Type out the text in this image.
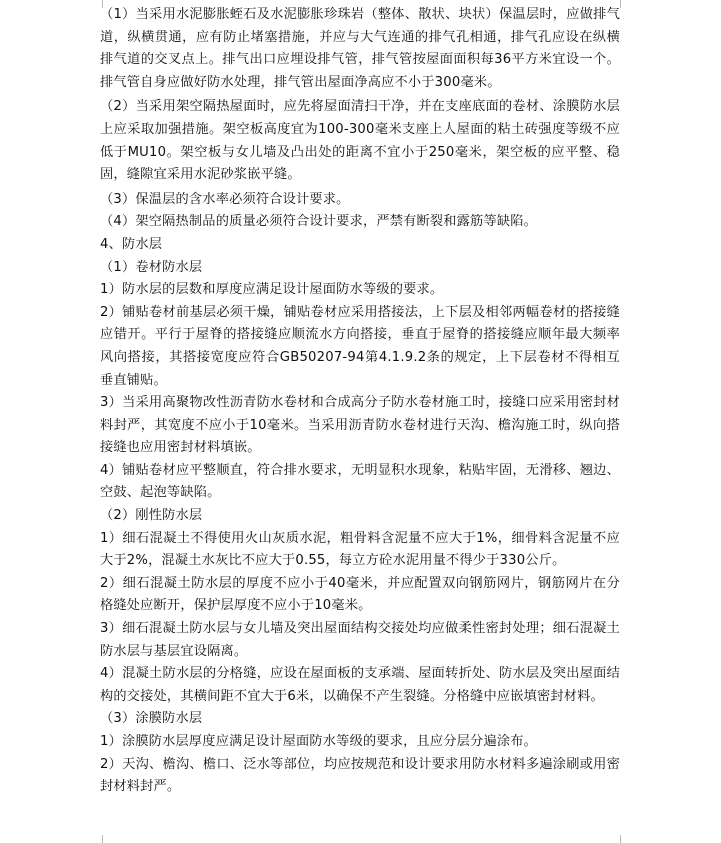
（1）当采用水泥膨胀蛭石及水泥膨胀珍珠岩（整体、散状、块状）保温层时，应做排气道，纵横贯通，应有防止堵塞措施，并应与大气连通的排气孔相通，排气孔应设在纵横排气道的交叉点上。排气出口应埋设排气管，排气管按屋面面积每36平方米宜设一个。排气管自身应做好防水处理，排气管出屋面净高应不小于300毫米。

（2）当采用架空隔热屋面时，应先将屋面清扫干净，并在支座底面的卷材、涂膜防水层上应采取加强措施。架空板高度宜为100-300毫米支座上人屋面的粘土砖强度等级不应低于MU10。架空板与女儿墙及凸出处的距离不宜小于250毫米，架空板的应平整、稳固，缝隙宜采用水泥砂浆嵌平缝。

（3）保温层的含水率必须符合设计要求。

（4）架空隔热制品的质量必须符合设计要求，严禁有断裂和露筋等缺陷。

4、防水层

（1）卷材防水层

1）防水层的层数和厚度应满足设计屋面防水等级的要求。

2）铺贴卷材前基层必须干燥，铺贴卷材应采用搭接法，上下层及相邻两幅卷材的搭接缝应错开。平行于屋脊的搭接缝应顺流水方向搭接，垂直于屋脊的搭接缝应顺年最大频率风向搭接，其搭接宽度应符合GB50207-94第4.1.9.2条的规定，上下层卷材不得相互垂直铺贴。

3）当采用高聚物改性沥青防水卷材和合成高分子防水卷材施工时，接缝口应采用密封材料封严，其宽度不应小于10毫米。当采用沥青防水卷材进行天沟、檐沟施工时，纵向搭接缝也应用密封材料填嵌。

4）铺贴卷材应平整顺直，符合排水要求，无明显积水现象，粘贴牢固，无滑移、翘边、空鼓、起泡等缺陷。

（2）刚性防水层

1）细石混凝土不得使用火山灰质水泥，粗骨料含泥量不应大于1%，细骨料含泥量不应大于2%，混凝土水灰比不应大于0.55，每立方砼水泥用量不得少于330公斤。

2）细石混凝土防水层的厚度不应小于40毫米，并应配置双向钢筋网片，钢筋网片在分格缝处应断开，保护层厚度不应小于10毫米。

3）细石混凝土防水层与女儿墙及突出屋面结构交接处均应做柔性密封处理；细石混凝土防水层与基层宜设隔离。

4）混凝土防水层的分格缝，应设在屋面板的支承端、屋面转折处、防水层及突出屋面结构的交接处，其横间距不宜大于6米，以确保不产生裂缝。分格缝中应嵌填密封材料。

（3）涂膜防水层

1）涂膜防水层厚度应满足设计屋面防水等级的要求，且应分层分遍涂布。

2）天沟、檐沟、檐口、泛水等部位，均应按规范和设计要求用防水材料多遍涂刷或用密封材料封严。
